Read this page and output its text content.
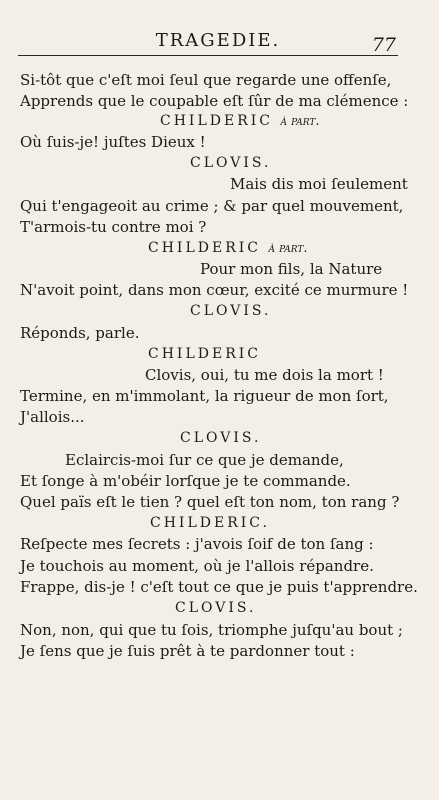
TRAGEDIE.	77
Si-tôt que c'eſt moi ſeul que regarde une offenſe,
Apprends que le coupable eſt ſûr de ma clémence :
CHILDERIC à part.
Où ſuis-je! juſtes Dieux !
CLOVIS.
Mais dis moi ſeulement
Qui t'engageoit au crime ; & par quel mouvement,
T'armois-tu contre moi ?
CHILDERIC à part.
Pour mon fils, la Nature
N'avoit point, dans mon cœur, excité ce murmure !
CLOVIS.
Réponds, parle.
CHILDERIC
Clovis, oui, tu me dois la mort !
Termine, en m'immolant, la rigueur de mon ſort,
J'allois...
CLOVIS.
Eclaircis-moi ſur ce que je demande,
Et ſonge à m'obéir lorſque je te commande.
Quel païs eſt le tien ? quel eſt ton nom, ton rang ?
CHILDERIC.
Reſpecte mes ſecrets : j'avois ſoif de ton ſang :
Je touchois au moment, où je l'allois répandre.
Frappe, dis-je ! c'eſt tout ce que je puis t'apprendre.
CLOVIS.
Non, non, qui que tu ſois, triomphe juſqu'au bout ;
Je ſens que je ſuis prêt à te pardonner tout :
